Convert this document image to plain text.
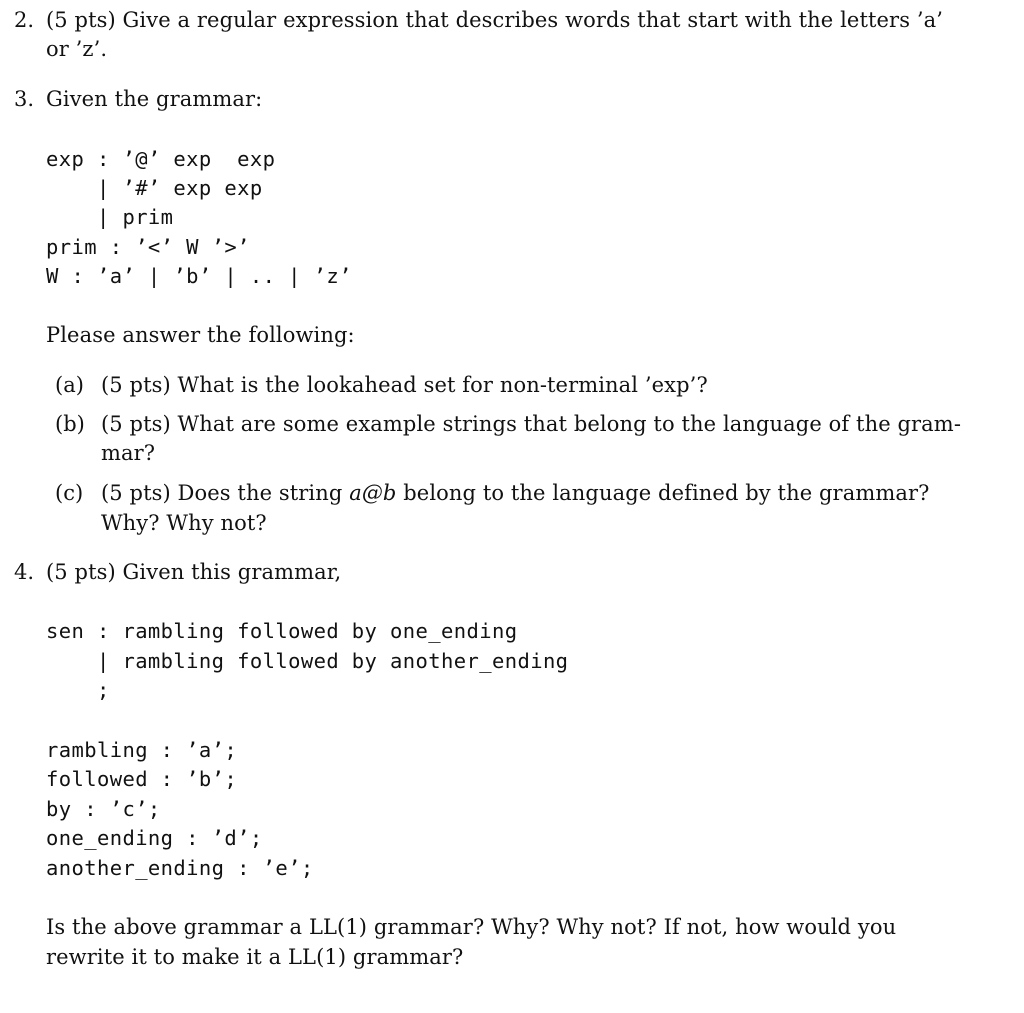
2. (5 pts) Give a regular expression that describes words that start with the letters ’a’
or ’z’.
3. Given the grammar:
exp : ’@’ exp  exp
| ’#’ exp exp
| prim
prim : ’<’ W ’>’
W : ’a’ | ’b’ | .. | ’z’
Please answer the following:
(a) (5 pts) What is the lookahead set for non-terminal ’exp’?
(b) (5 pts) What are some example strings that belong to the language of the gram-
mar?
(c) (5 pts) Does the string a@b belong to the language defined by the grammar?
Why? Why not?
4. (5 pts) Given this grammar,
sen : rambling followed by one_ending
| rambling followed by another_ending
;
rambling : ’a’;
followed : ’b’;
by : ’c’;
one_ending : ’d’;
another_ending : ’e’;
Is the above grammar a LL(1) grammar? Why? Why not? If not, how would you
rewrite it to make it a LL(1) grammar?
